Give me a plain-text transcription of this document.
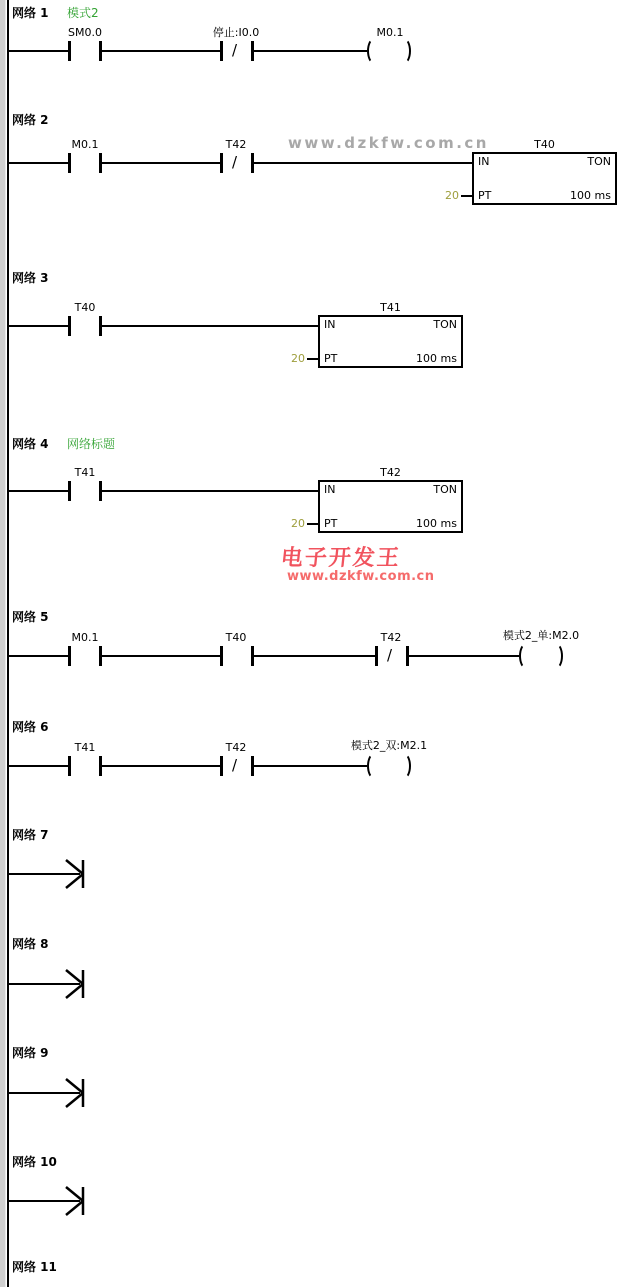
网络 1 模式2
SM0.0	停止:I0.0
/
M0.1
网络 2
www.dzkfw.com.cn
M0.1	T42
/
T40
IN	TON
PT	100 ms
20
网络 3
T40	T41
IN	TON
PT	100 ms
20
网络 4 网络标题
T41	T42
IN	TON
PT	100 ms
20
电子开发王
www.dzkfw.com.cn
网络 5
M0.1	T40	T42
/
模式2_单:M2.0
网络 6
T41	T42
/
模式2_双:M2.1
网络 7
网络 8
网络 9
网络 10
网络 11
